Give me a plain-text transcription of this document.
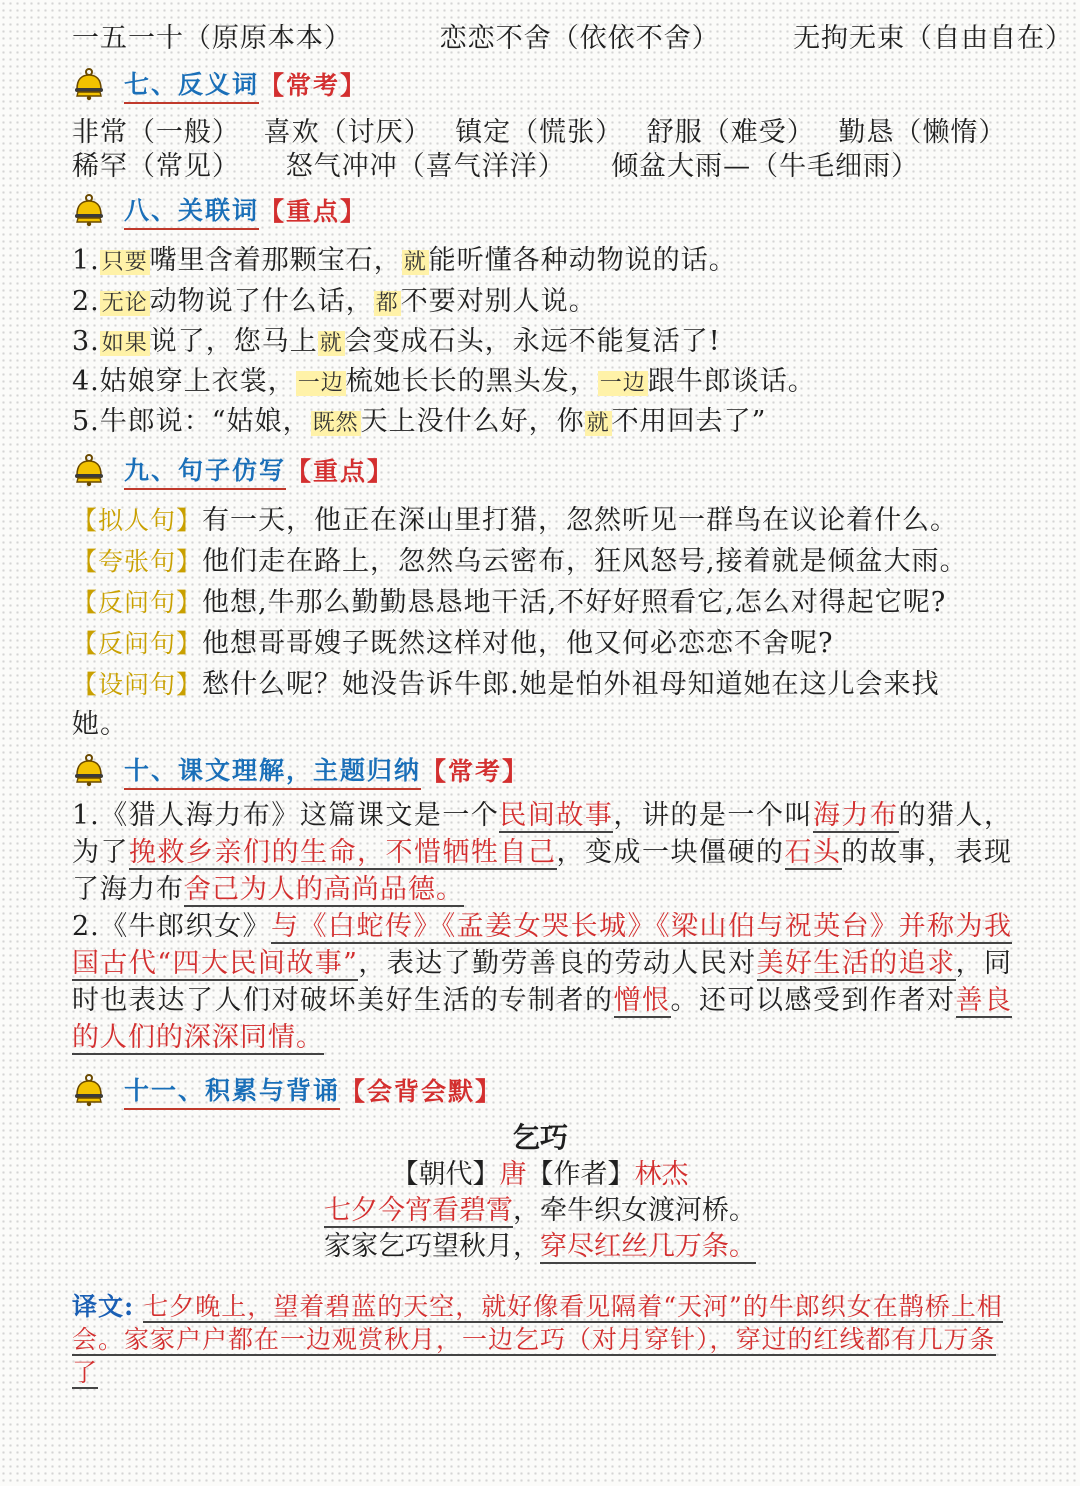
一五一十（原原本本）	恋恋不舍（依依不舍）	无拘无束（自由自在）
七、反义词 【常考】
非常（一般） 喜欢（讨厌） 镇定（慌张） 舒服（难受） 勤恳（懒惰）
稀罕（常见） 怒气冲冲（喜气洋洋） 倾盆大雨—（牛毛细雨）
八、关联词 【重点】
1.只要嘴里含着那颗宝石，就能听懂各种动物说的话。
2.无论动物说了什么话，都不要对别人说。
3.如果说了，您马上就会变成石头，永远不能复活了!
4.姑娘穿上衣裳，一边梳她长长的黑头发，一边跟牛郎谈话。
5.牛郎说：“姑娘，既然天上没什么好，你就不用回去了”
九、句子仿写 【重点】
【拟人句】有一天，他正在深山里打猎，忽然听见一群鸟在议论着什么。
【夸张句】他们走在路上，忽然乌云密布，狂风怒号,接着就是倾盆大雨。
【反问句】他想,牛那么勤勤恳恳地干活,不好好照看它,怎么对得起它呢?
【反问句】他想哥哥嫂子既然这样对他，他又何必恋恋不舍呢?
【设问句】愁什么呢？她没告诉牛郎.她是怕外祖母知道她在这儿会来找
她。
十、课文理解，主题归纳 【常考】
1.《猎人海力布》这篇课文是一个民间故事，讲的是一个叫海力布的猎人，为了挽救乡亲们的生命，不惜牺牲自己，变成一块僵硬的石头的故事，表现了海力布舍己为人的高尚品德。
2.《牛郎织女》与《白蛇传》《孟姜女哭长城》《梁山伯与祝英台》并称为我国古代“四大民间故事”，表达了勤劳善良的劳动人民对美好生活的追求，同时也表达了人们对破坏美好生活的专制者的憎恨。还可以感受到作者对善良的人们的深深同情。
十一、积累与背诵 【会背会默】
乞巧
【朝代】唐【作者】林杰
七夕今宵看碧霄，牵牛织女渡河桥。
家家乞巧望秋月，穿尽红丝几万条。
译文: 七夕晚上，望着碧蓝的天空，就好像看见隔着“天河”的牛郎织女在鹊桥上相会。家家户户都在一边观赏秋月，一边乞巧（对月穿针），穿过的红线都有几万条了
